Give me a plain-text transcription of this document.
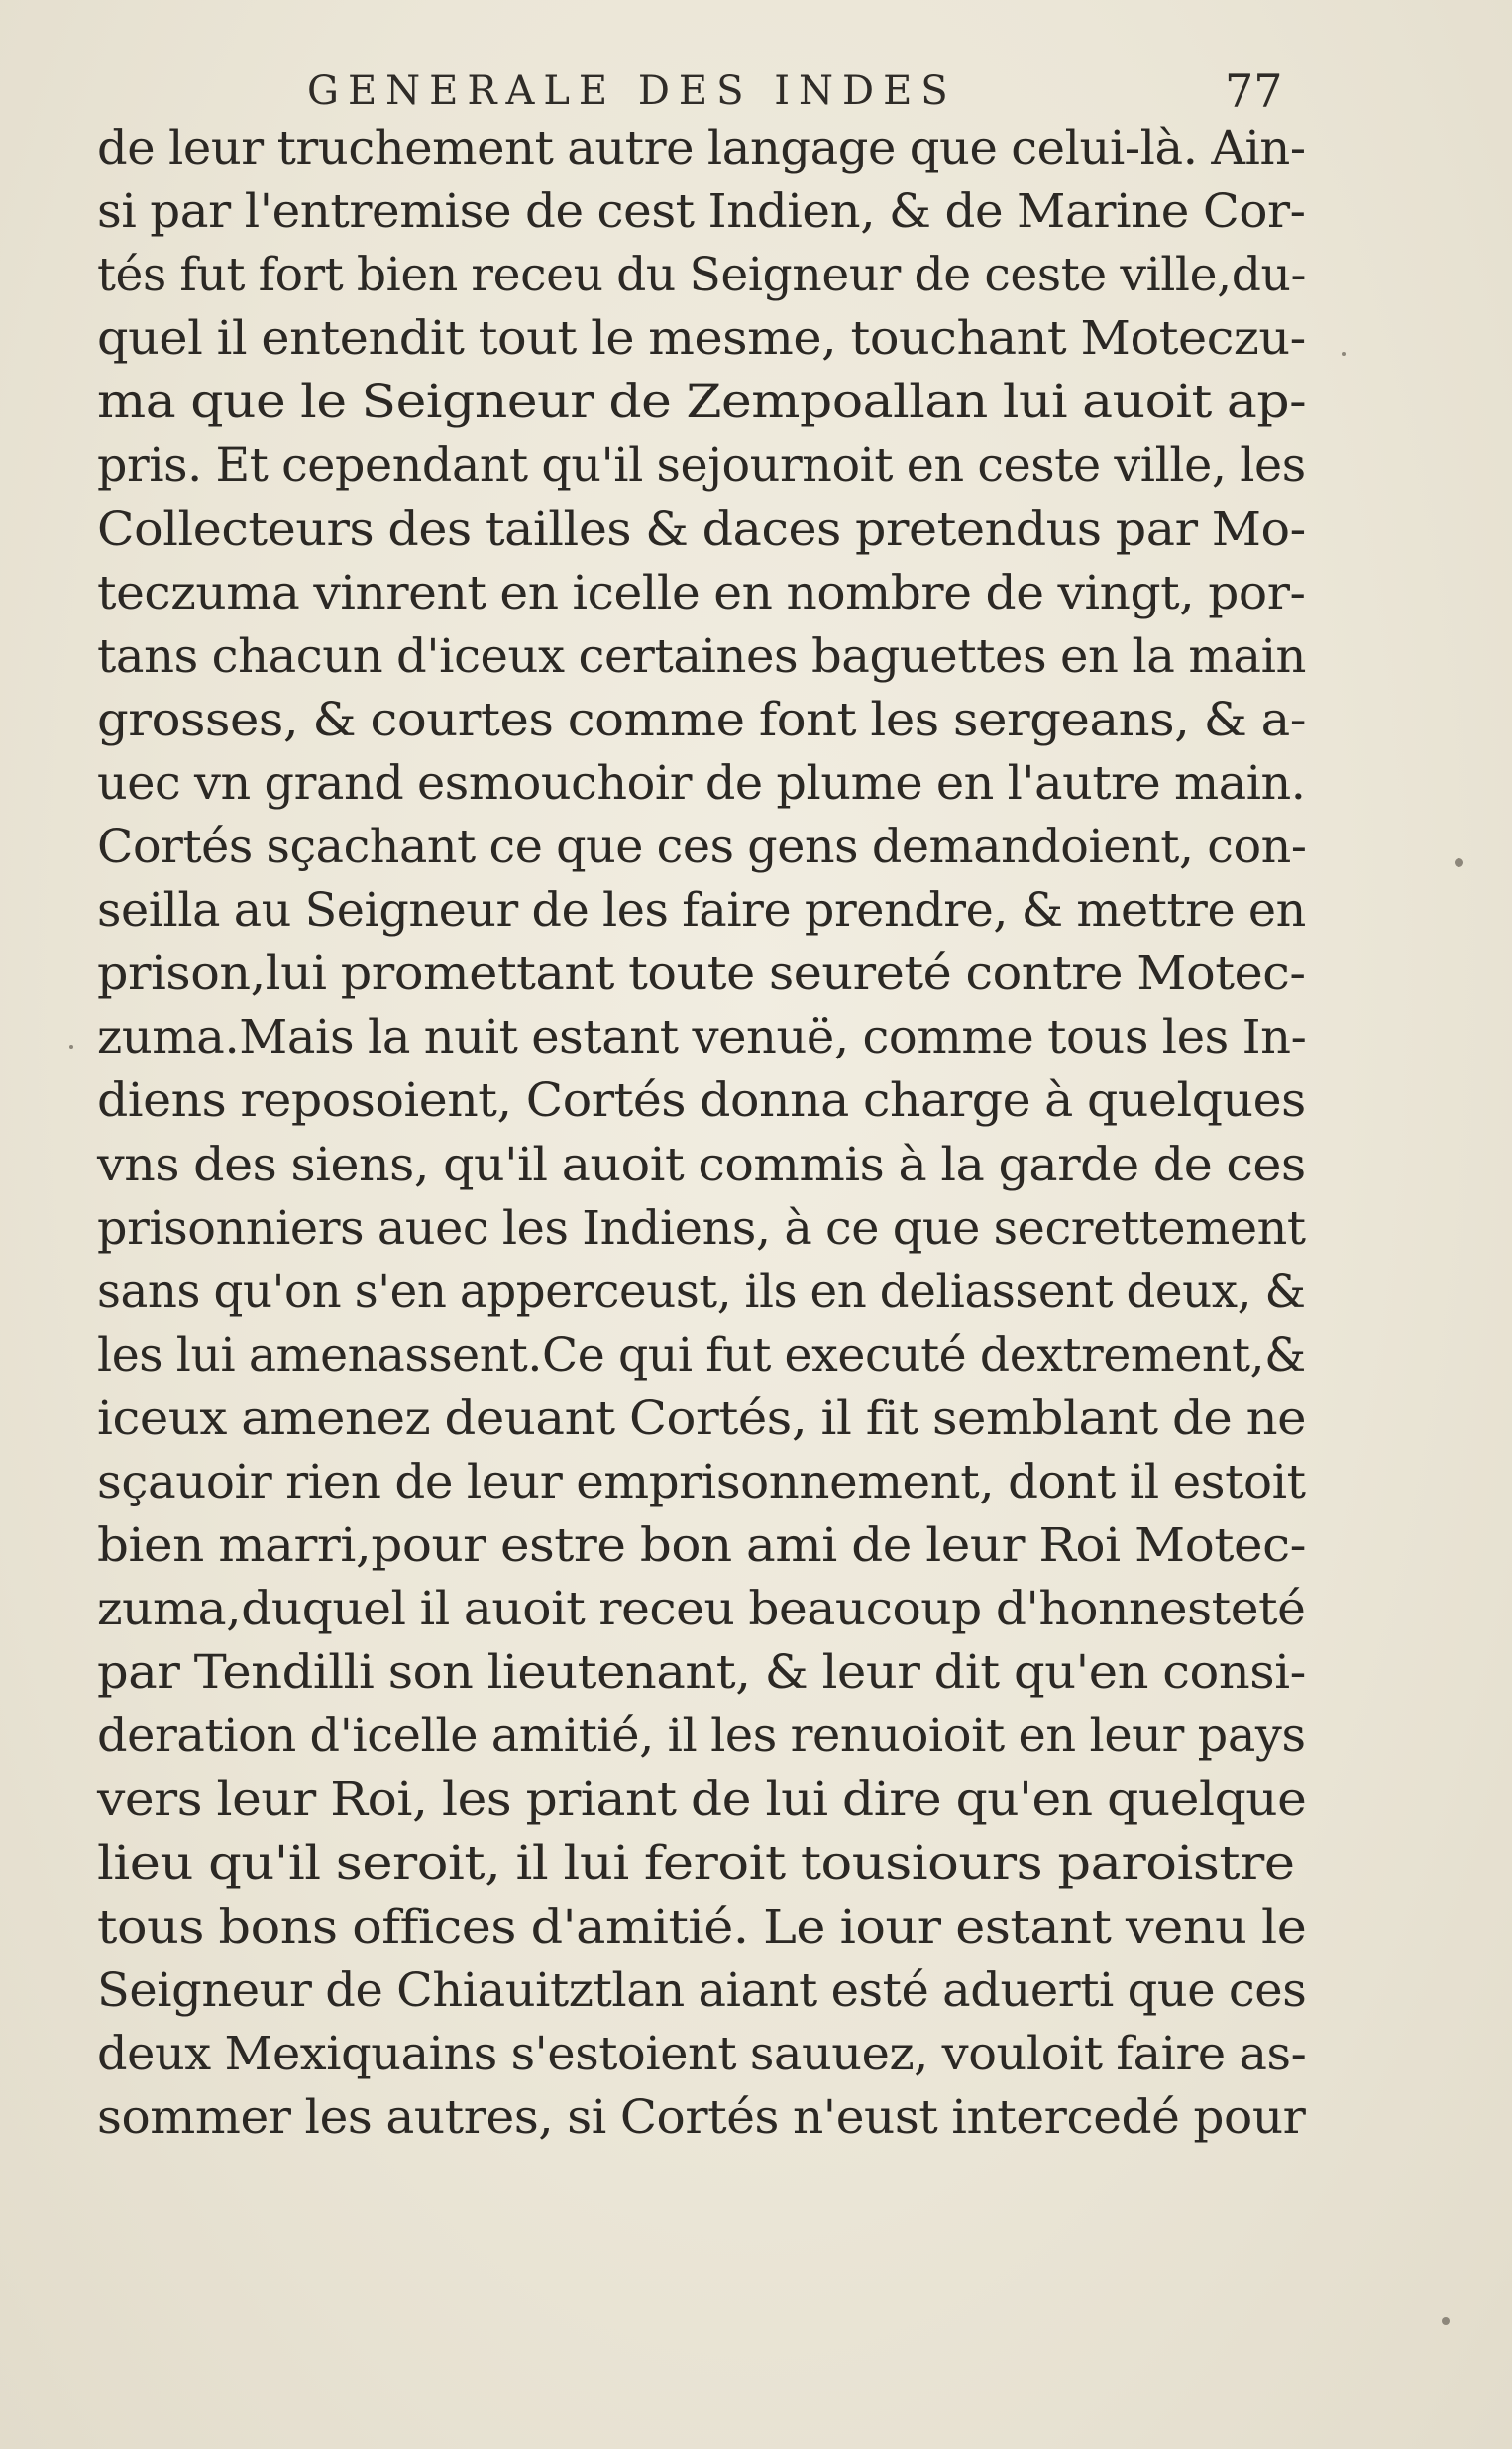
GENERALE DES INDES	77
de leur truchement autre langage que celui-là. Ain-
si par l'entremise de cest Indien, & de Marine Cor-
tés fut fort bien receu du Seigneur de ceste ville,du-
quel il entendit tout le mesme, touchant Moteczu-
ma que le Seigneur de Zempoallan lui auoit ap-
pris. Et cependant qu'il sejournoit en ceste ville, les
Collecteurs des tailles & daces pretendus par Mo-
teczuma vinrent en icelle en nombre de vingt, por-
tans chacun d'iceux certaines baguettes en la main
grosses, & courtes comme font les sergeans, & a-
uec vn grand esmouchoir de plume en l'autre main.
Cortés sçachant ce que ces gens demandoient, con-
seilla au Seigneur de les faire prendre, & mettre en
prison,lui promettant toute seureté contre Motec-
zuma.Mais la nuit estant venuë, comme tous les In-
diens reposoient, Cortés donna charge à quelques
vns des siens, qu'il auoit commis à la garde de ces
prisonniers auec les Indiens, à ce que secrettement
sans qu'on s'en apperceust, ils en deliassent deux, &
les lui amenassent.Ce qui fut executé dextrement,&
iceux amenez deuant Cortés, il fit semblant de ne
sçauoir rien de leur emprisonnement, dont il estoit
bien marri,pour estre bon ami de leur Roi Motec-
zuma,duquel il auoit receu beaucoup d'honnesteté
par Tendilli son lieutenant, & leur dit qu'en consi-
deration d'icelle amitié, il les renuoioit en leur pays
vers leur Roi, les priant de lui dire qu'en quelque
lieu qu'il seroit, il lui feroit tousiours paroistre
tous bons offices d'amitié. Le iour estant venu le
Seigneur de Chiauitztlan aiant esté aduerti que ces
deux Mexiquains s'estoient sauuez, vouloit faire as-
sommer les autres, si Cortés n'eust intercedé pour
